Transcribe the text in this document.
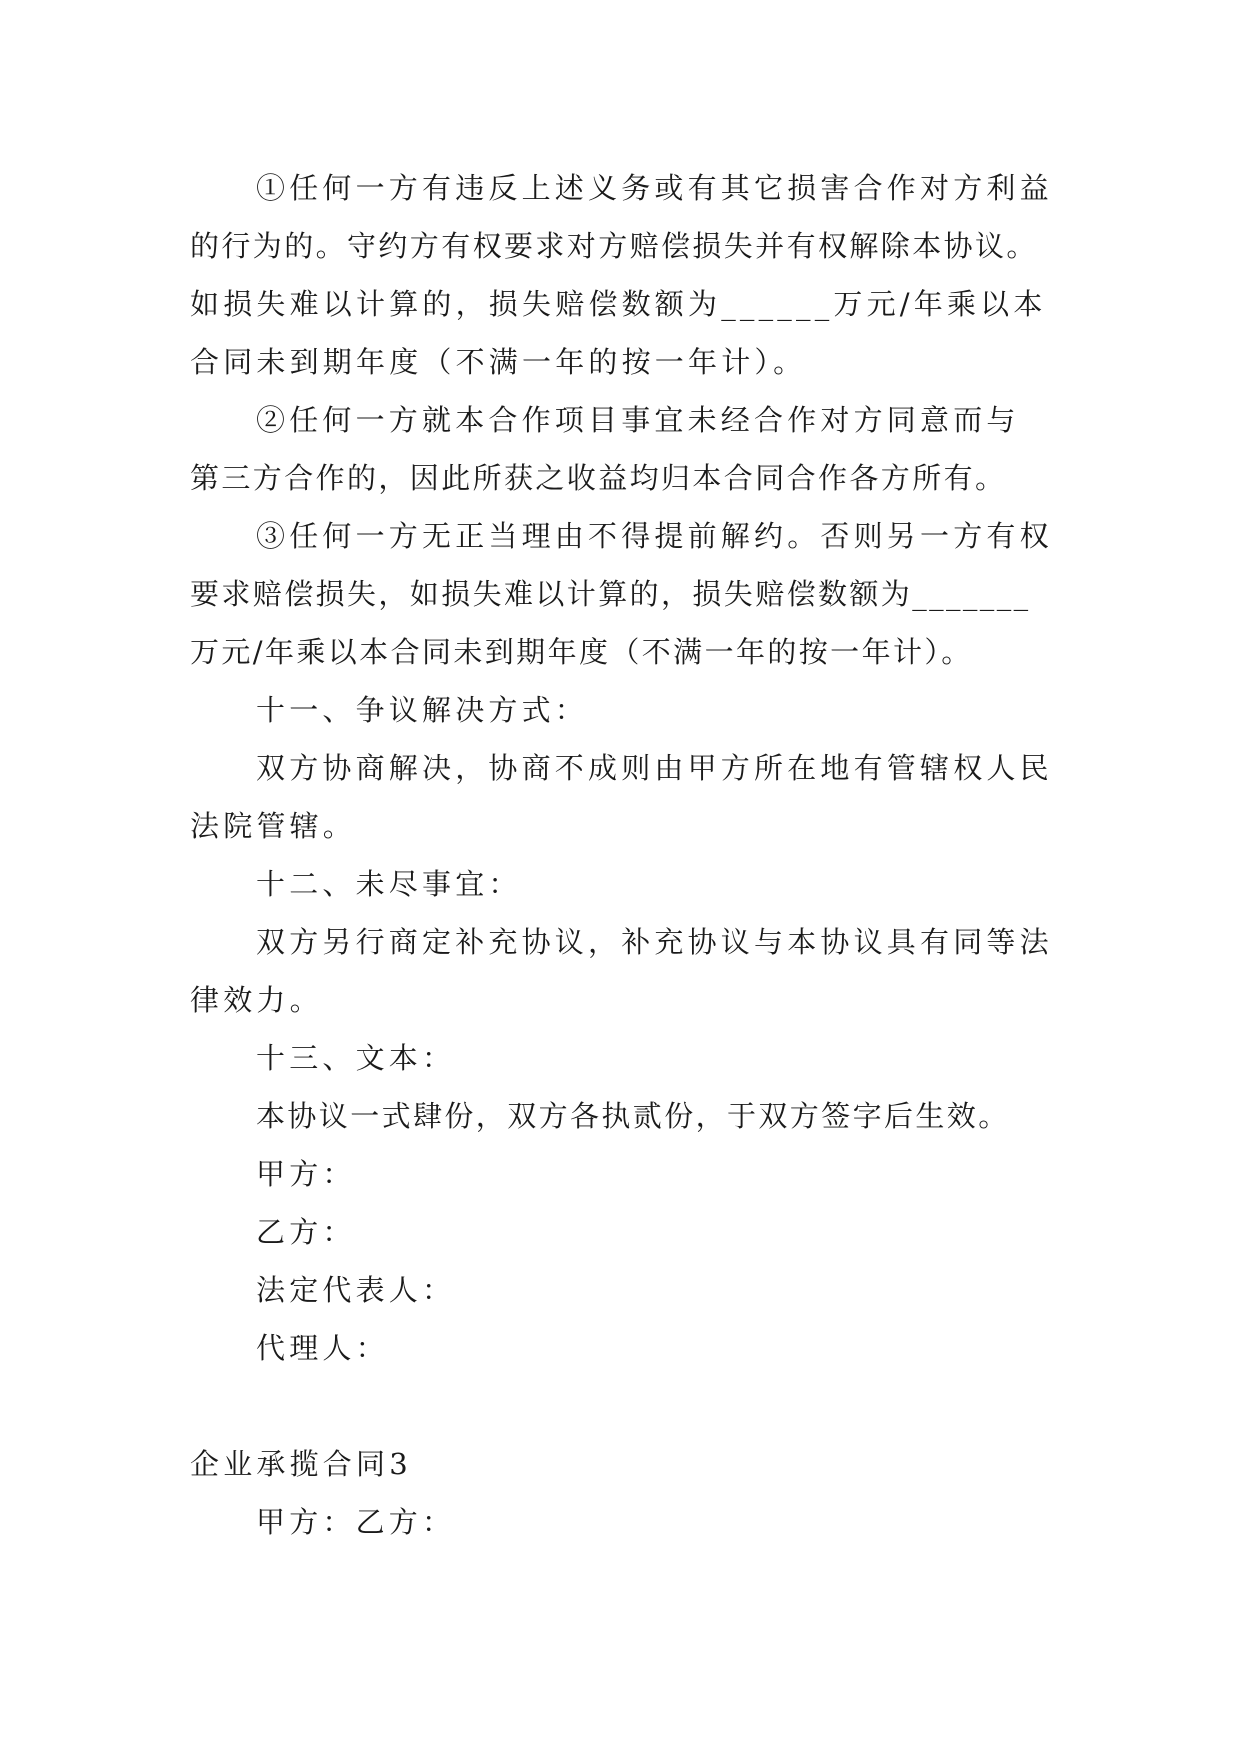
①任何一方有违反上述义务或有其它损害合作对方利益
的行为的。守约方有权要求对方赔偿损失并有权解除本协议。
如损失难以计算的，损失赔偿数额为______万元/年乘以本
合同未到期年度（不满一年的按一年计）。
②任何一方就本合作项目事宜未经合作对方同意而与
第三方合作的，因此所获之收益均归本合同合作各方所有。
③任何一方无正当理由不得提前解约。否则另一方有权
要求赔偿损失，如损失难以计算的，损失赔偿数额为_______
万元/年乘以本合同未到期年度（不满一年的按一年计）。
十一、争议解决方式：
双方协商解决，协商不成则由甲方所在地有管辖权人民
法院管辖。
十二、未尽事宜：
双方另行商定补充协议，补充协议与本协议具有同等法
律效力。
十三、文本：
本协议一式肆份，双方各执贰份，于双方签字后生效。
甲方：
乙方：
法定代表人：
代理人：
企业承揽合同3
甲方：乙方：
